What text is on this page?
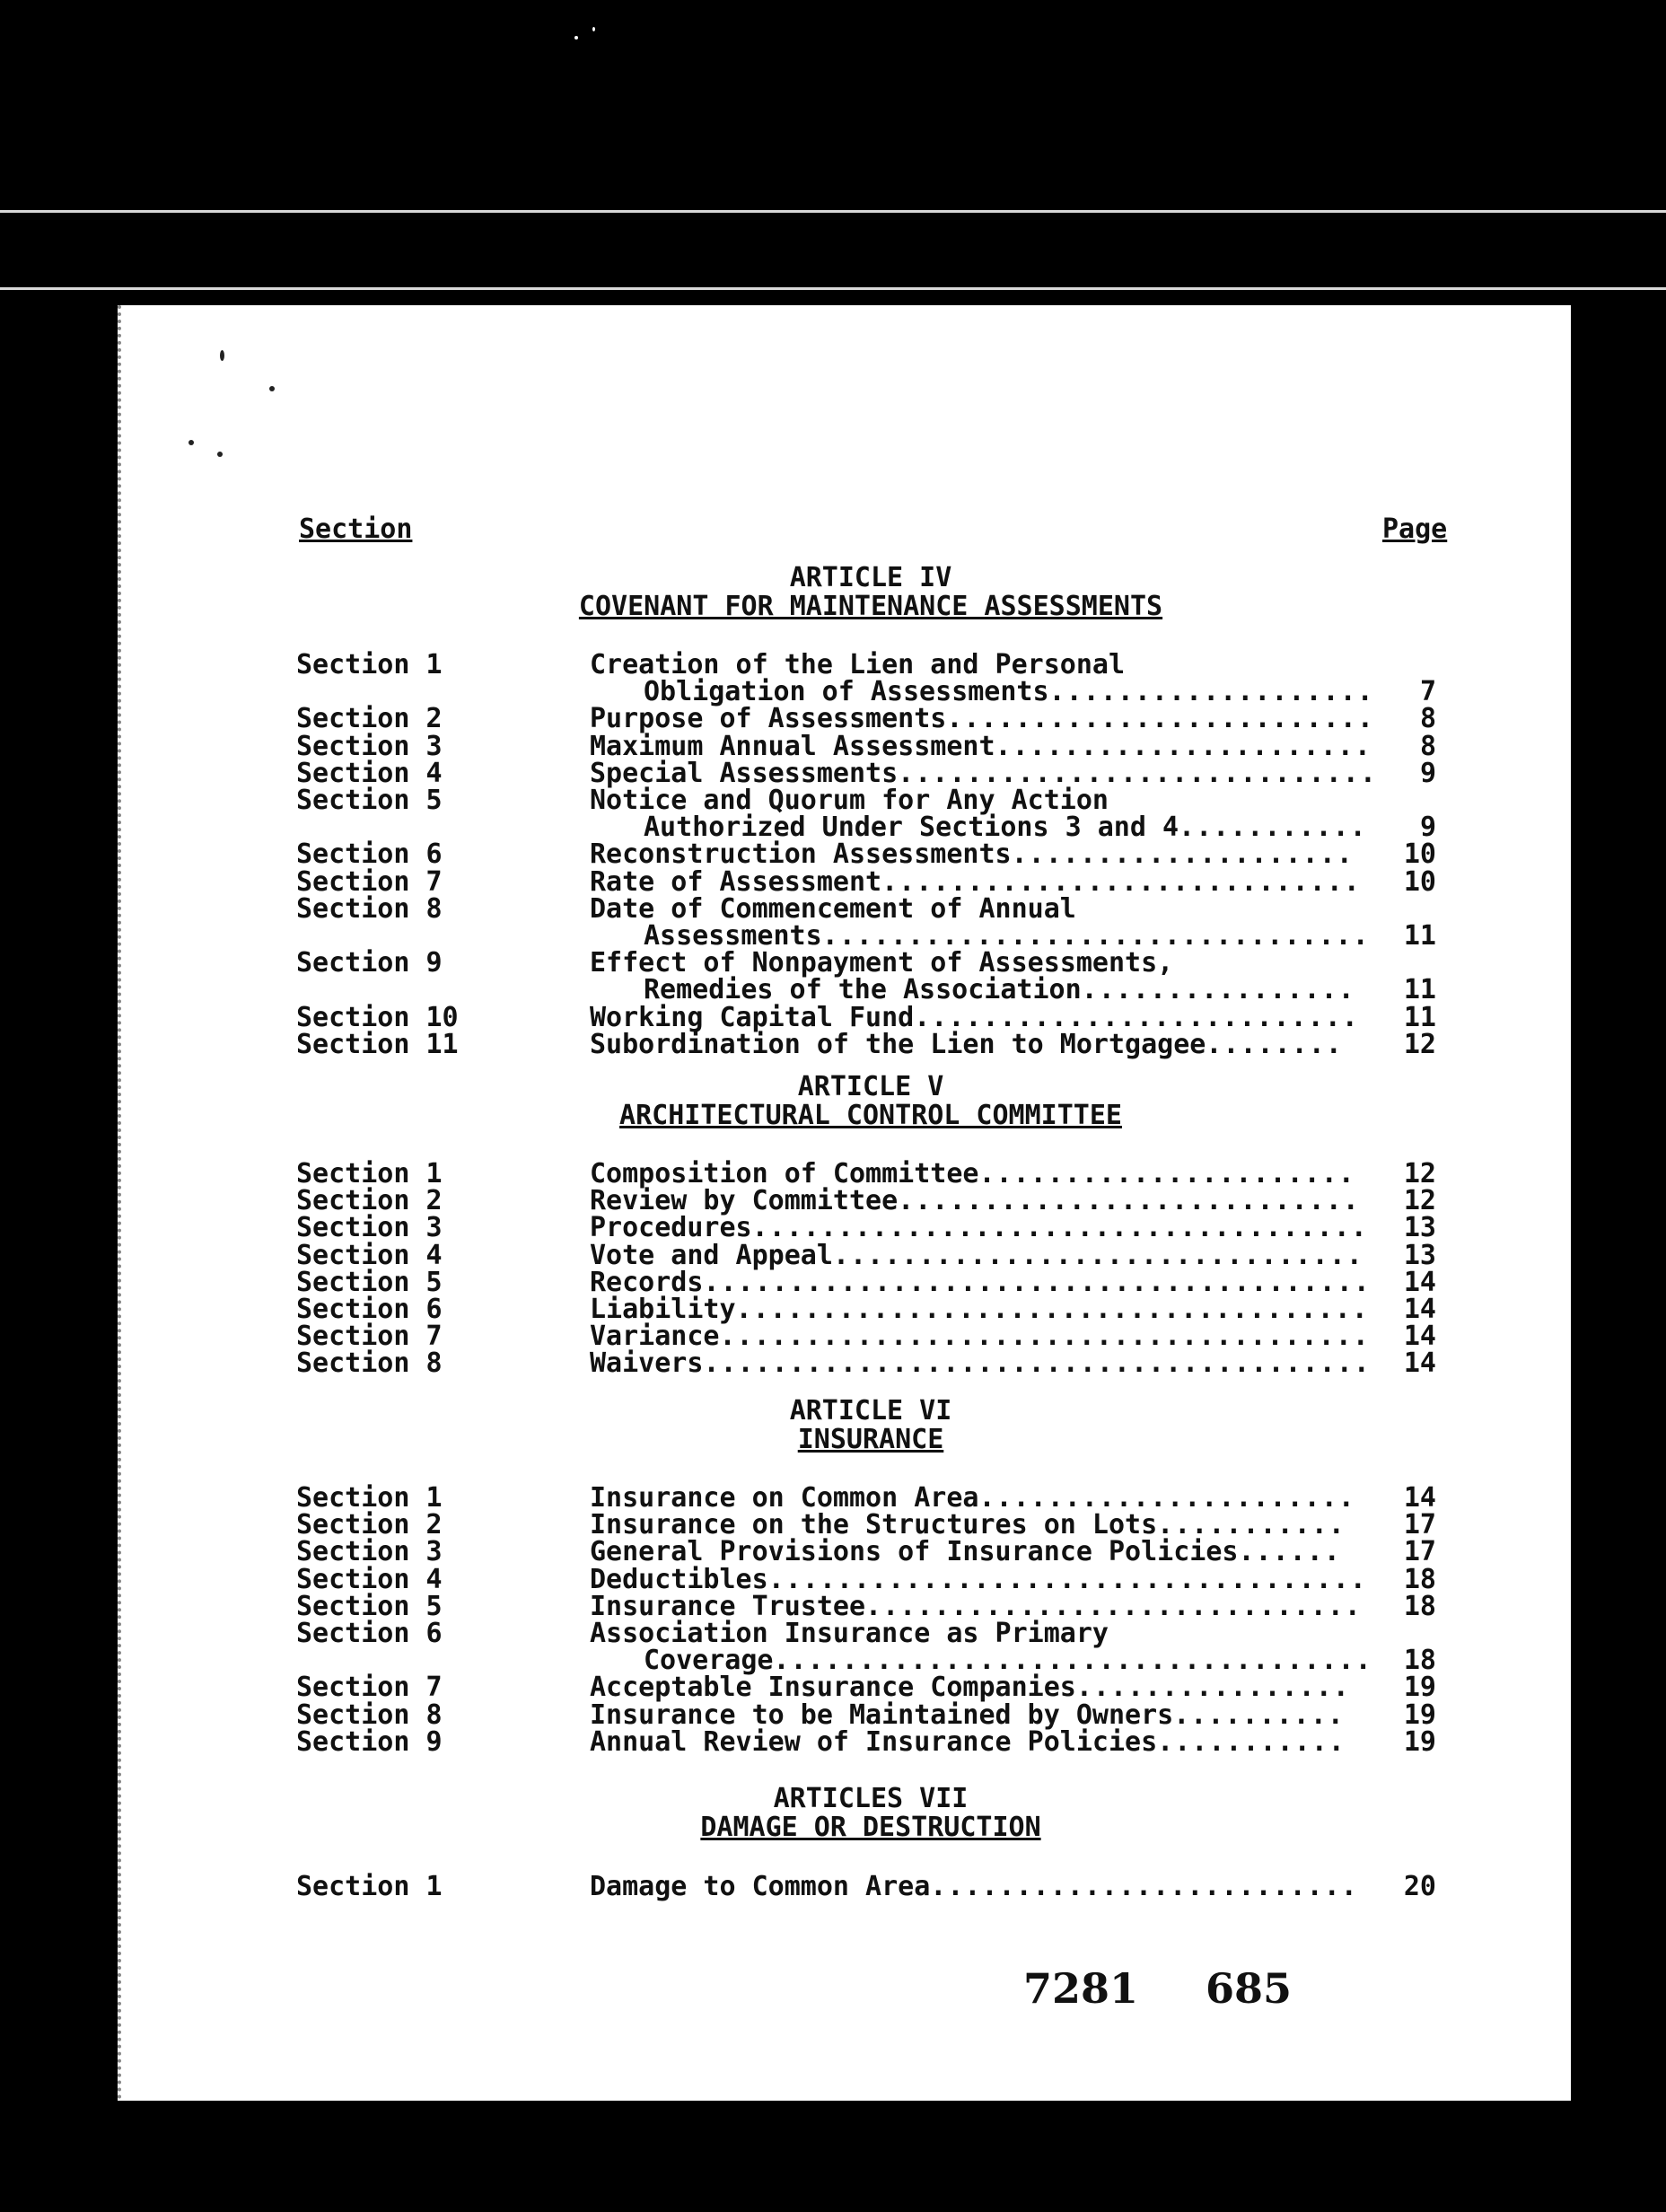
Section	Page
ARTICLE IV
COVENANT FOR MAINTENANCE ASSESSMENTS
Section 1	Creation of the Lien and Personal
Obligation of Assessments...................	7
Section 2	Purpose of Assessments.........................	8
Section 3	Maximum Annual Assessment......................	8
Section 4	Special Assessments............................	9
Section 5	Notice and Quorum for Any Action
Authorized Under Sections 3 and 4...........	9
Section 6	Reconstruction Assessments....................	10
Section 7	Rate of Assessment............................	10
Section 8	Date of Commencement of Annual
Assessments................................	11
Section 9	Effect of Nonpayment of Assessments,
Remedies of the Association................	11
Section 10	Working Capital Fund..........................	11
Section 11	Subordination of the Lien to Mortgagee........	12
ARTICLE V
ARCHITECTURAL CONTROL COMMITTEE
Section 1	Composition of Committee......................	12
Section 2	Review by Committee...........................	12
Section 3	Procedures....................................	13
Section 4	Vote and Appeal...............................	13
Section 5	Records.......................................	14
Section 6	Liability.....................................	14
Section 7	Variance......................................	14
Section 8	Waivers.......................................	14
ARTICLE VI
INSURANCE
Section 1	Insurance on Common Area......................	14
Section 2	Insurance on the Structures on Lots...........	17
Section 3	General Provisions of Insurance Policies......	17
Section 4	Deductibles...................................	18
Section 5	Insurance Trustee.............................	18
Section 6	Association Insurance as Primary
Coverage...................................	18
Section 7	Acceptable Insurance Companies................	19
Section 8	Insurance to be Maintained by Owners..........	19
Section 9	Annual Review of Insurance Policies...........	19
ARTICLES VII
DAMAGE OR DESTRUCTION
Section 1	Damage to Common Area.........................	20
7281 685
